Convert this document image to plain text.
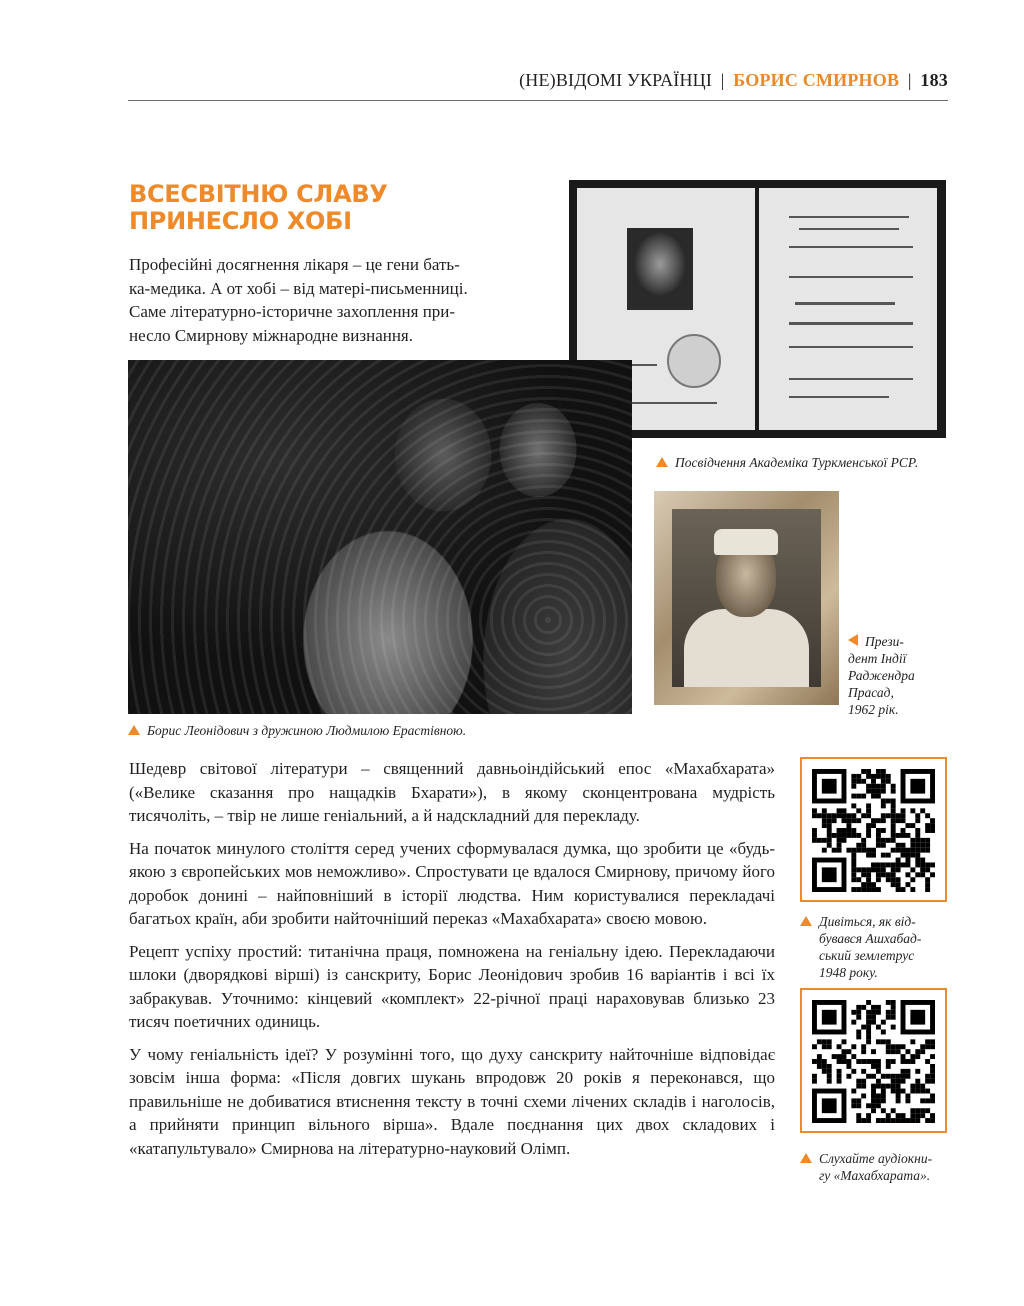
(НЕ)ВІДОМІ УКРАЇНЦІ | БОРИС СМИРНОВ | 183
ВСЕСВІТНЮ СЛАВУ ПРИНЕСЛО ХОБІ
Професійні досягнення лікаря – це гени бать-
ка-медика. А от хобі – від матері-письменниці.
Саме літературно-історичне захоплення при-
несло Смирнову міжнародне визнання.
Посвідчення Академіка Туркменської РСР.
Борис Леонідович з дружиною Людмилою Ерастівною.
Прези-
дент Індії
Раджендра
Прасад,
1962 рік.

Шедевр світової літератури – священний давньоіндійський епос «Махабхарата» («Велике сказання про нащадків Бхарати»), в якому сконцентрована мудрість тисячоліть, – твір не лише геніальний, а й надскладний для перекладу.

На початок минулого століття серед учених сформувалася думка, що зробити це «будь-якою з європейських мов неможливо». Спростувати це вдалося Смирнову, причому його доробок донині – найповніший в історії людства. Ним користувалися перекладачі багатьох країн, аби зробити найточніший переказ «Махабхарата» своєю мовою.

Рецепт успіху простий: титанічна праця, помножена на геніальну ідею. Перекладаючи шлоки (дворядкові вірші) із санскриту, Борис Леонідович зробив 16 варіантів і всі їх забракував. Уточнимо: кінцевий «комплект» 22-річної праці нараховував близько 23 тисяч поетичних одиниць.

У чому геніальність ідеї? У розумінні того, що духу санскриту найточніше відповідає зовсім інша форма: «Після довгих шукань впродовж 20 років я переконався, що правильніше не добиватися втиснення тексту в точні схеми лічених складів і наголосів, а прийняти принцип вільного вірша». Вдале поєднання цих двох складових і «катапультувало» Смирнова на літературно-науковий Олімп.

Дивіться, як від-
бувався Ашхабад-
ський землетрус
1948 року.
Слухайте аудіокни-
гу «Махабхарата».
